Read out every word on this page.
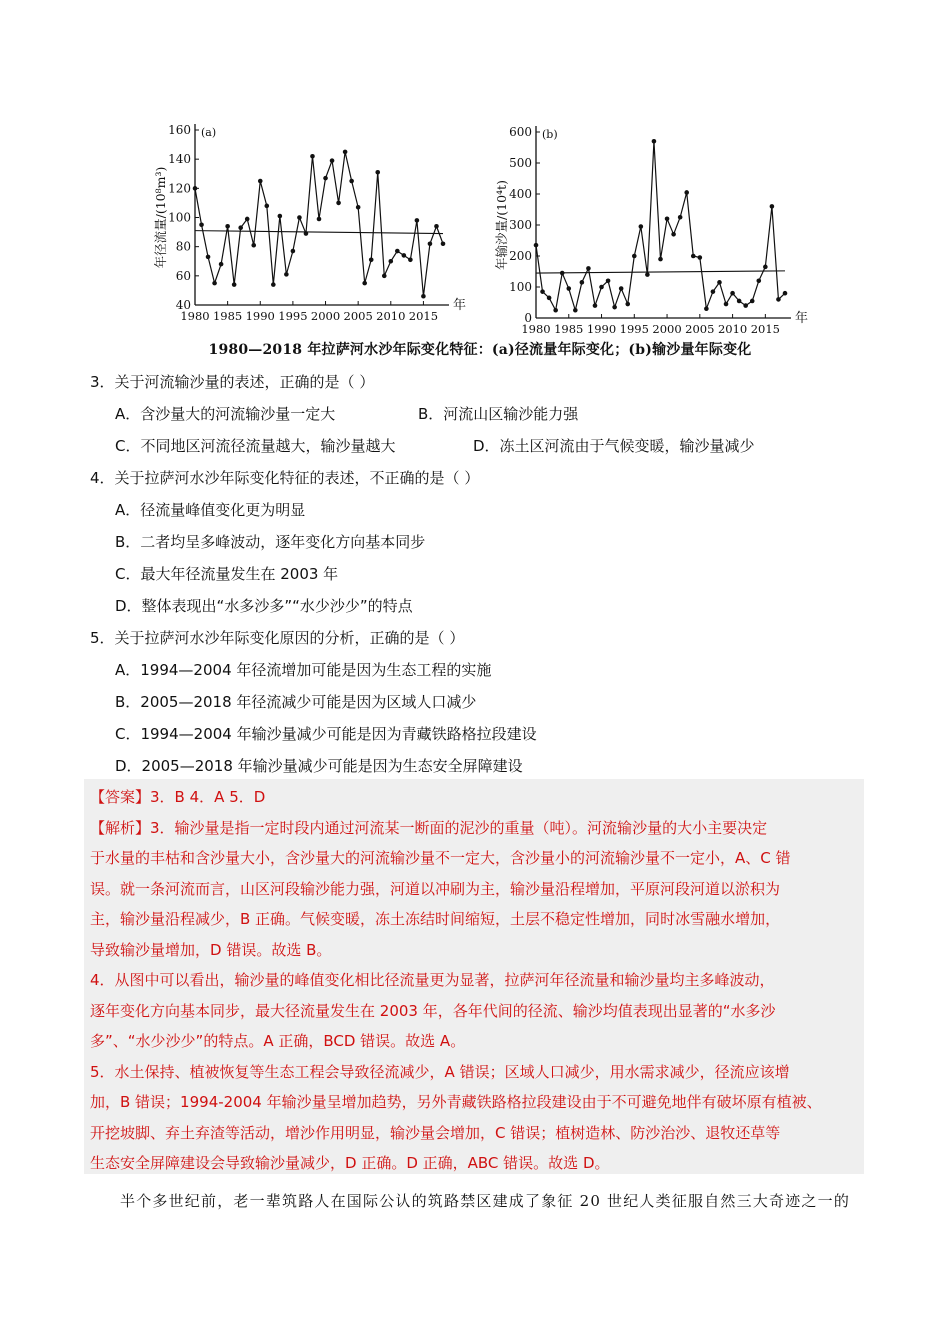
40
60
80
100
120
140
160
1980 1985 1990 1995 2000 2005 2010 2015
年
(a)
年径流量/(10⁸m³)
0
100
200
300
400
500
600
1980 1985 1990 1995 2000 2005 2010 2015
年
(b)
年输沙量/(10⁴t)
1980—2018 年拉萨河水沙年际变化特征：(a)径流量年际变化；(b)输沙量年际变化
3．关于河流输沙量的表述，正确的是（ ）
A．含沙量大的河流输沙量一定大	B．河流山区输沙能力强
C．不同地区河流径流量越大，输沙量越大	D．冻土区河流由于气候变暖，输沙量减少
4．关于拉萨河水沙年际变化特征的表述，不正确的是（ ）
A．径流量峰值变化更为明显
B．二者均呈多峰波动，逐年变化方向基本同步
C．最大年径流量发生在 2003 年
D．整体表现出“水多沙多”“水少沙少”的特点
5．关于拉萨河水沙年际变化原因的分析，正确的是（ ）
A．1994—2004 年径流增加可能是因为生态工程的实施
B．2005—2018 年径流减少可能是因为区域人口减少
C．1994—2004 年输沙量减少可能是因为青藏铁路格拉段建设
D．2005—2018 年输沙量减少可能是因为生态安全屏障建设
【答案】3．B 4．A 5．D
【解析】3．输沙量是指一定时段内通过河流某一断面的泥沙的重量（吨）。河流输沙量的大小主要决定
于水量的丰枯和含沙量大小，含沙量大的河流输沙量不一定大，含沙量小的河流输沙量不一定小，A、C 错
误。就一条河流而言，山区河段输沙能力强，河道以冲刷为主，输沙量沿程增加，平原河段河道以淤积为
主，输沙量沿程减少，B 正确。气候变暖，冻土冻结时间缩短，土层不稳定性增加，同时冰雪融水增加，
导致输沙量增加，D 错误。故选 B。
4．从图中可以看出，输沙量的峰值变化相比径流量更为显著，拉萨河年径流量和输沙量均主多峰波动，
逐年变化方向基本同步，最大径流量发生在 2003 年，各年代间的径流、输沙均值表现出显著的“水多沙
多”、“水少沙少”的特点。A 正确，BCD 错误。故选 A。
5．水土保持、植被恢复等生态工程会导致径流减少，A 错误；区域人口减少，用水需求减少，径流应该增
加，B 错误；1994-2004 年输沙量呈增加趋势，另外青藏铁路格拉段建设由于不可避免地伴有破坏原有植被、
开挖坡脚、弃土弃渣等活动，增沙作用明显，输沙量会增加，C 错误；植树造林、防沙治沙、退牧还草等
生态安全屏障建设会导致输沙量减少，D 正确。D 正确，ABC 错误。故选 D。
半个多世纪前，老一辈筑路人在国际公认的筑路禁区建成了象征 20 世纪人类征服自然三大奇迹之一的
